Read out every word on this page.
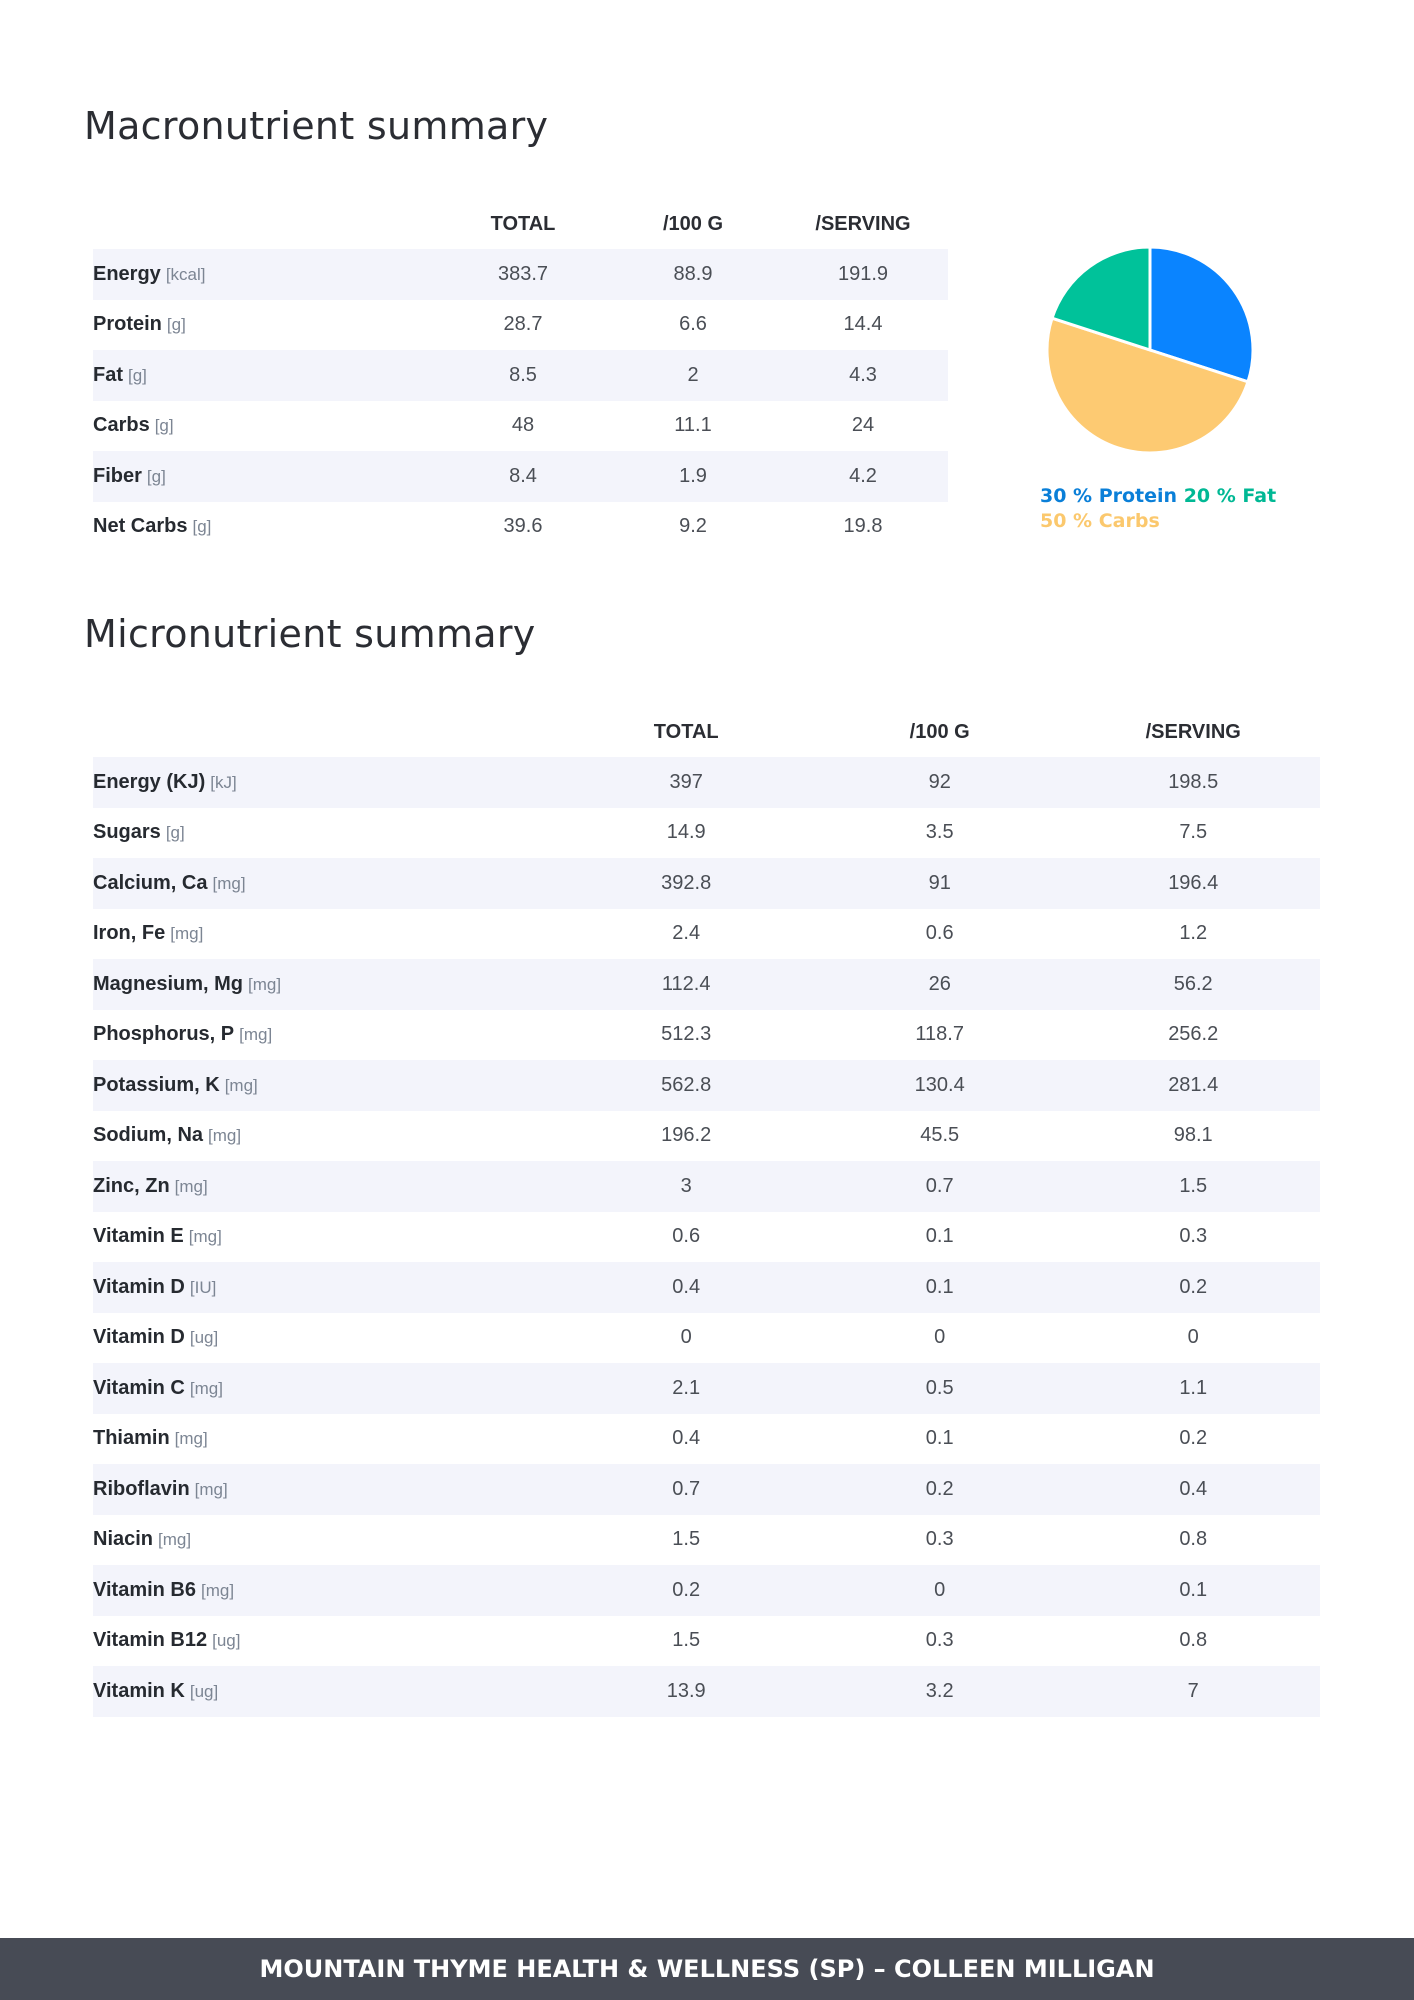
Macronutrient summary
	TOTAL	/100 G	/SERVING
Energy [kcal]	383.7	88.9	191.9
Protein [g]	28.7	6.6	14.4
Fat [g]	8.5	2	4.3
Carbs [g]	48	11.1	24
Fiber [g]	8.4	1.9	4.2
Net Carbs [g]	39.6	9.2	19.8
30 % Protein 20 % Fat 50 % Carbs
Micronutrient summary
	TOTAL	/100 G	/SERVING
Energy (KJ) [kJ]	397	92	198.5
Sugars [g]	14.9	3.5	7.5
Calcium, Ca [mg]	392.8	91	196.4
Iron, Fe [mg]	2.4	0.6	1.2
Magnesium, Mg [mg]	112.4	26	56.2
Phosphorus, P [mg]	512.3	118.7	256.2
Potassium, K [mg]	562.8	130.4	281.4
Sodium, Na [mg]	196.2	45.5	98.1
Zinc, Zn [mg]	3	0.7	1.5
Vitamin E [mg]	0.6	0.1	0.3
Vitamin D [IU]	0.4	0.1	0.2
Vitamin D [ug]	0	0	0
Vitamin C [mg]	2.1	0.5	1.1
Thiamin [mg]	0.4	0.1	0.2
Riboflavin [mg]	0.7	0.2	0.4
Niacin [mg]	1.5	0.3	0.8
Vitamin B6 [mg]	0.2	0	0.1
Vitamin B12 [ug]	1.5	0.3	0.8
Vitamin K [ug]	13.9	3.2	7
MOUNTAIN THYME HEALTH & WELLNESS (SP) – COLLEEN MILLIGAN
